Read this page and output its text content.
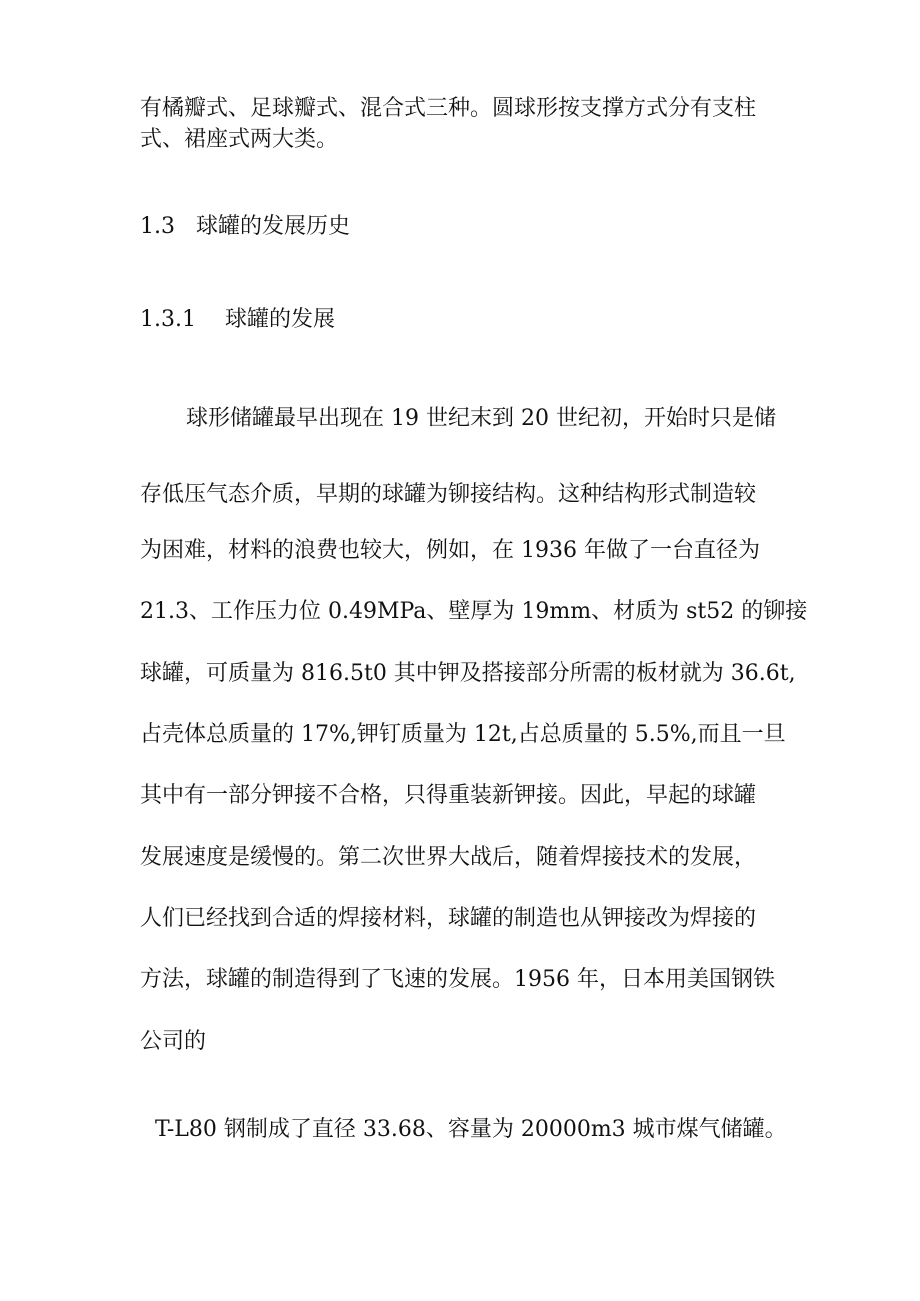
有橘瓣式、足球瓣式、混合式三种。圆球形按支撑方式分有支柱
式、裙座式两大类。
1.3 球罐的发展历史
1.3.1 球罐的发展
球形储罐最早出现在 19 世纪末到 20 世纪初，开始时只是储
存低压气态介质，早期的球罐为铆接结构。这种结构形式制造较
为困难，材料的浪费也较大，例如，在 1936 年做了一台直径为
21.3、工作压力位 0.49MPa、壁厚为 19mm、材质为 st52 的铆接
球罐，可质量为 816.5t0 其中钾及搭接部分所需的板材就为 36.6t,
占壳体总质量的 17%,钾钉质量为 12t,占总质量的 5.5%,而且一旦
其中有一部分钾接不合格，只得重装新钾接。因此，早起的球罐
发展速度是缓慢的。第二次世界大战后，随着焊接技术的发展，
人们已经找到合适的焊接材料，球罐的制造也从钾接改为焊接的
方法，球罐的制造得到了飞速的发展。1956 年，日本用美国钢铁
公司的
T-L80 钢制成了直径 33.68、容量为 20000m3 城市煤气储罐。
